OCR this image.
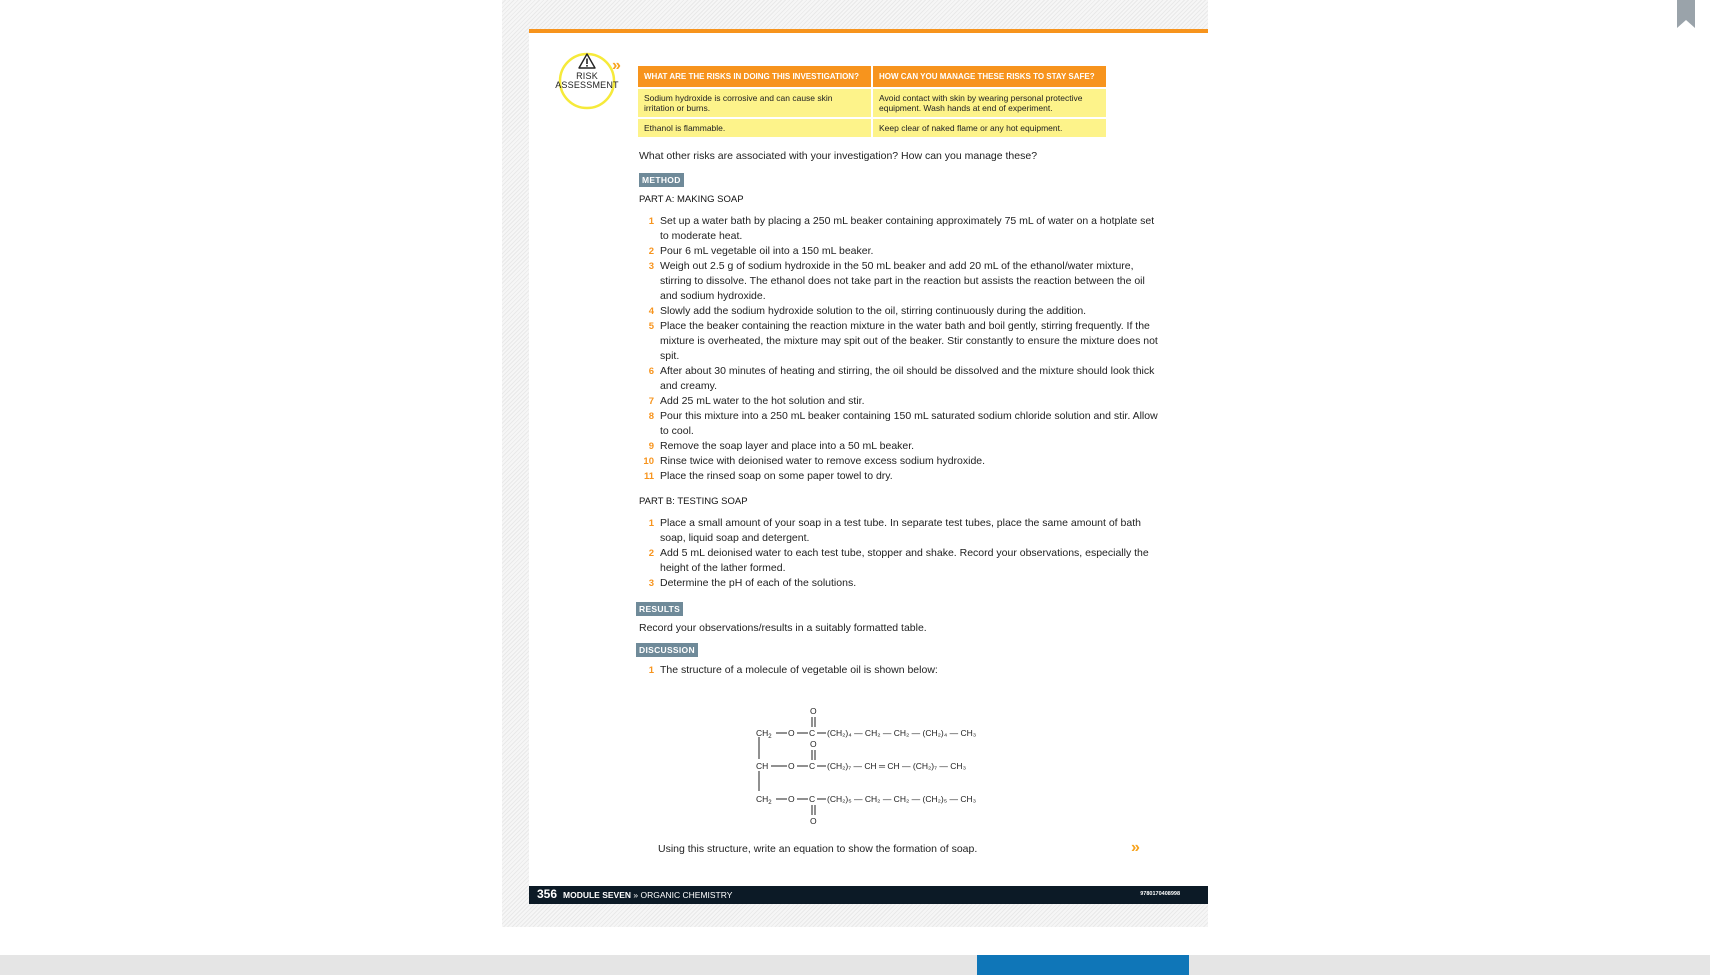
RISK
ASSESSMENT
»
WHAT ARE THE RISKS IN DOING THIS INVESTIGATION?	HOW CAN YOU MANAGE THESE RISKS TO STAY SAFE?
Sodium hydroxide is corrosive and can cause skin irritation or burns.	Avoid contact with skin by wearing personal protective equipment. Wash hands at end of experiment.
Ethanol is flammable.	Keep clear of naked flame or any hot equipment.
What other risks are associated with your investigation? How can you manage these?
METHOD
PART A: MAKING SOAP
1 Set up a water bath by placing a 250 mL beaker containing approximately 75 mL of water on a hotplate set to moderate heat.
2 Pour 6 mL vegetable oil into a 150 mL beaker.
3 Weigh out 2.5 g of sodium hydroxide in the 50 mL beaker and add 20 mL of the ethanol/water mixture, stirring to dissolve. The ethanol does not take part in the reaction but assists the reaction between the oil and sodium hydroxide.
4 Slowly add the sodium hydroxide solution to the oil, stirring continuously during the addition.
5 Place the beaker containing the reaction mixture in the water bath and boil gently, stirring frequently. If the mixture is overheated, the mixture may spit out of the beaker. Stir constantly to ensure the mixture does not spit.
6 After about 30 minutes of heating and stirring, the oil should be dissolved and the mixture should look thick and creamy.
7 Add 25 mL water to the hot solution and stir.
8 Pour this mixture into a 250 mL beaker containing 150 mL saturated sodium chloride solution and stir. Allow to cool.
9 Remove the soap layer and place into a 50 mL beaker.
10 Rinse twice with deionised water to remove excess sodium hydroxide.
11 Place the rinsed soap on some paper towel to dry.
PART B: TESTING SOAP
1 Place a small amount of your soap in a test tube. In separate test tubes, place the same amount of bath soap, liquid soap and detergent.
2 Add 5 mL deionised water to each test tube, stopper and shake. Record your observations, especially the height of the lather formed.
3 Determine the pH of each of the solutions.
RESULTS
Record your observations/results in a suitably formatted table.
DISCUSSION
1 The structure of a molecule of vegetable oil is shown below:
$CH_2$ O C
O
(CH₂)₄ — CH₂ — CH₂ — (CH₂)₄ — CH₃
CH O C
O
(CH₂)₇ — CH ═ CH — (CH₂)₇ — CH₃
$CH_2$ O C
O
(CH₂)₅ — CH₂ — CH₂ — (CH₂)₅ — CH₃
Using this structure, write an equation to show the formation of soap.	»
356 MODULE SEVEN » ORGANIC CHEMISTRY	9780170408998
